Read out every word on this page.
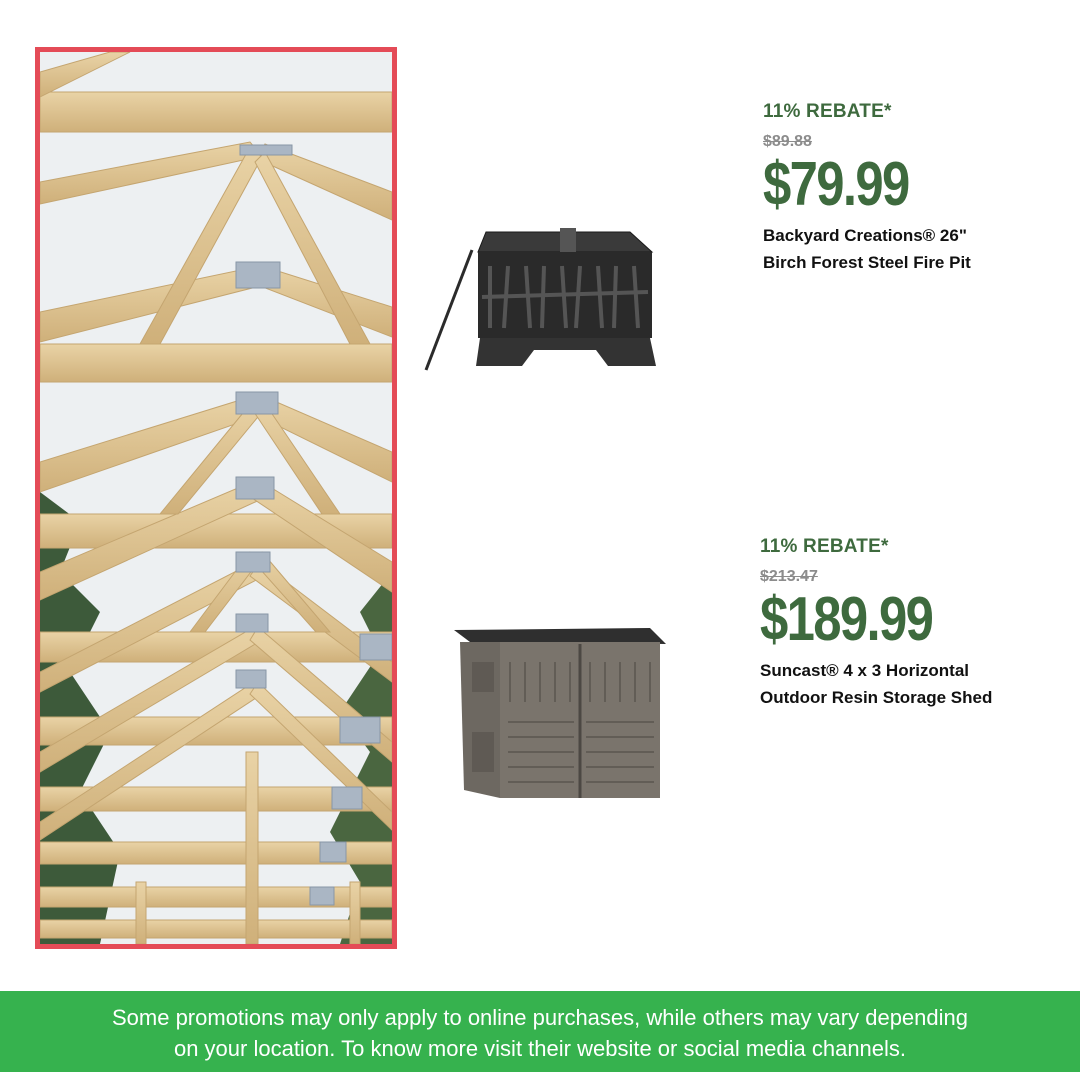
11% REBATE*
$89.88
$79.99
Backyard Creations® 26"
Birch Forest Steel Fire Pit
11% REBATE*
$213.47
$189.99
Suncast® 4 x 3 Horizontal
Outdoor Resin Storage Shed
Some promotions may only apply to online purchases, while others may vary depending
on your location. To know more visit their website or social media channels.
